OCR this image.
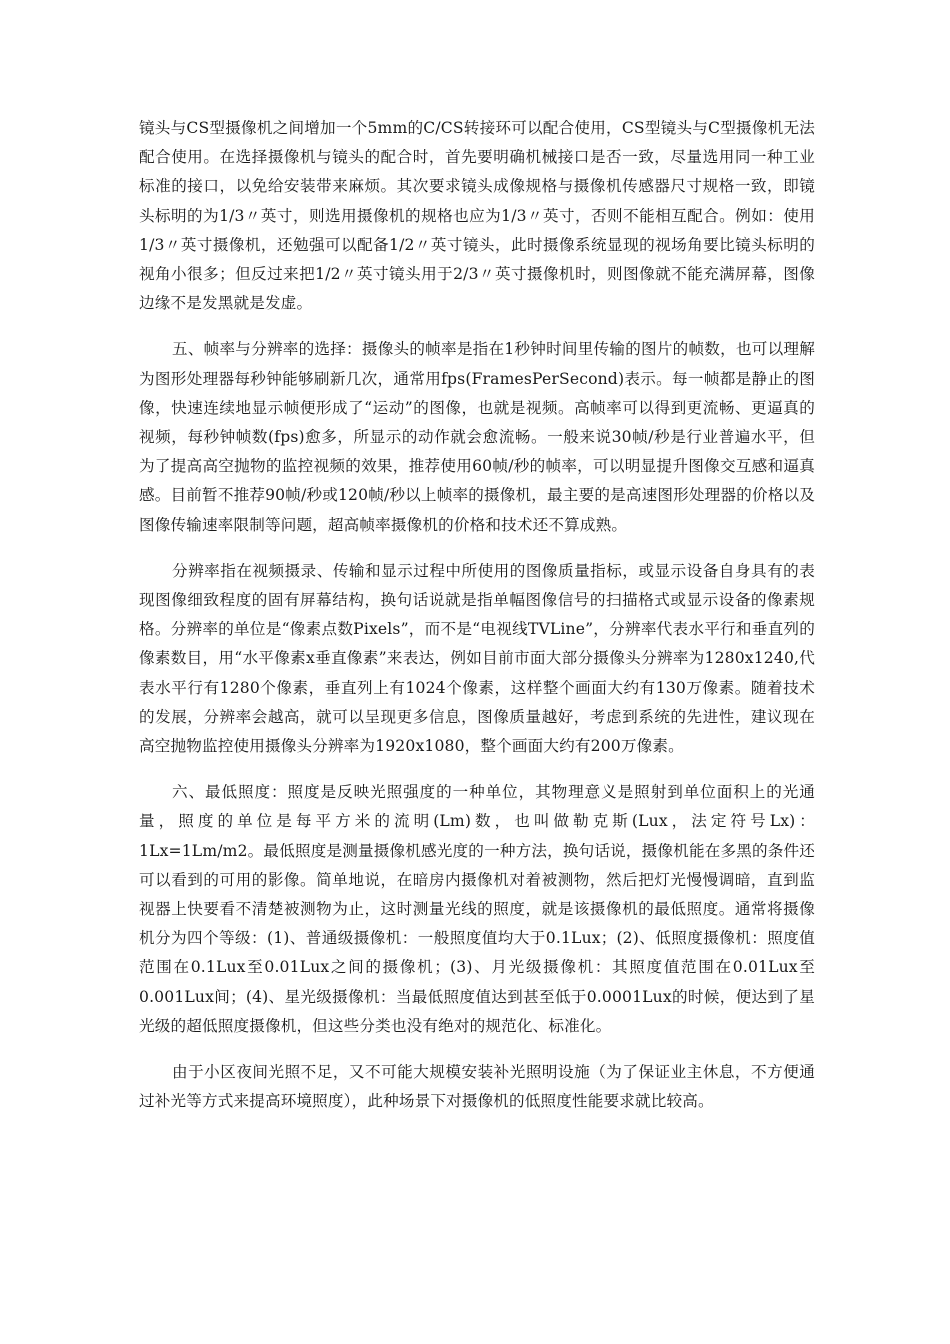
镜头与CS型摄像机之间增加一个5mm的C/CS转接环可以配合使用，CS型镜头与C型摄像机无法配合使用。在选择摄像机与镜头的配合时，首先要明确机械接口是否一致，尽量选用同一种工业标准的接口，以免给安装带来麻烦。其次要求镜头成像规格与摄像机传感器尺寸规格一致，即镜头标明的为1/3〃英寸，则选用摄像机的规格也应为1/3〃英寸，否则不能相互配合。例如：使用1/3〃英寸摄像机，还勉强可以配备1/2〃英寸镜头，此时摄像系统显现的视场角要比镜头标明的视角小很多；但反过来把1/2〃英寸镜头用于2/3〃英寸摄像机时，则图像就不能充满屏幕，图像边缘不是发黑就是发虚。

五、帧率与分辨率的选择：摄像头的帧率是指在1秒钟时间里传输的图片的帧数，也可以理解为图形处理器每秒钟能够刷新几次，通常用fps(FramesPerSecond)表示。每一帧都是静止的图像，快速连续地显示帧便形成了“运动”的图像，也就是视频。高帧率可以得到更流畅、更逼真的视频，每秒钟帧数(fps)愈多，所显示的动作就会愈流畅。一般来说30帧/秒是行业普遍水平，但为了提高高空抛物的监控视频的效果，推荐使用60帧/秒的帧率，可以明显提升图像交互感和逼真感。目前暂不推荐90帧/秒或120帧/秒以上帧率的摄像机，最主要的是高速图形处理器的价格以及图像传输速率限制等问题，超高帧率摄像机的价格和技术还不算成熟。

分辨率指在视频摄录、传输和显示过程中所使用的图像质量指标，或显示设备自身具有的表现图像细致程度的固有屏幕结构，换句话说就是指单幅图像信号的扫描格式或显示设备的像素规格。分辨率的单位是“像素点数Pixels”，而不是“电视线TVLine”，分辨率代表水平行和垂直列的像素数目，用“水平像素x垂直像素”来表达，例如目前市面大部分摄像头分辨率为1280x1240,代表水平行有1280个像素，垂直列上有1024个像素，这样整个画面大约有130万像素。随着技术的发展，分辨率会越高，就可以呈现更多信息，图像质量越好，考虑到系统的先进性，建议现在高空抛物监控使用摄像头分辨率为1920x1080，整个画面大约有200万像素。

六、最低照度：照度是反映光照强度的一种单位，其物理意义是照射到单位面积上的光通量，照度的单位是每平方米的流明(Lm)数，也叫做勒克斯(Lux，法定符号Lx)：1Lx=1Lm/m2。最低照度是测量摄像机感光度的一种方法，换句话说，摄像机能在多黑的条件还可以看到的可用的影像。简单地说，在暗房内摄像机对着被测物，然后把灯光慢慢调暗，直到监视器上快要看不清楚被测物为止，这时测量光线的照度，就是该摄像机的最低照度。通常将摄像机分为四个等级：(1)、普通级摄像机：一般照度值均大于0.1Lux；(2)、低照度摄像机：照度值范围在0.1Lux至0.01Lux之间的摄像机；(3)、月光级摄像机：其照度值范围在0.01Lux至0.001Lux间；(4)、星光级摄像机：当最低照度值达到甚至低于0.0001Lux的时候，便达到了星光级的超低照度摄像机，但这些分类也没有绝对的规范化、标准化。

由于小区夜间光照不足，又不可能大规模安装补光照明设施（为了保证业主休息，不方便通过补光等方式来提高环境照度），此种场景下对摄像机的低照度性能要求就比较高。
